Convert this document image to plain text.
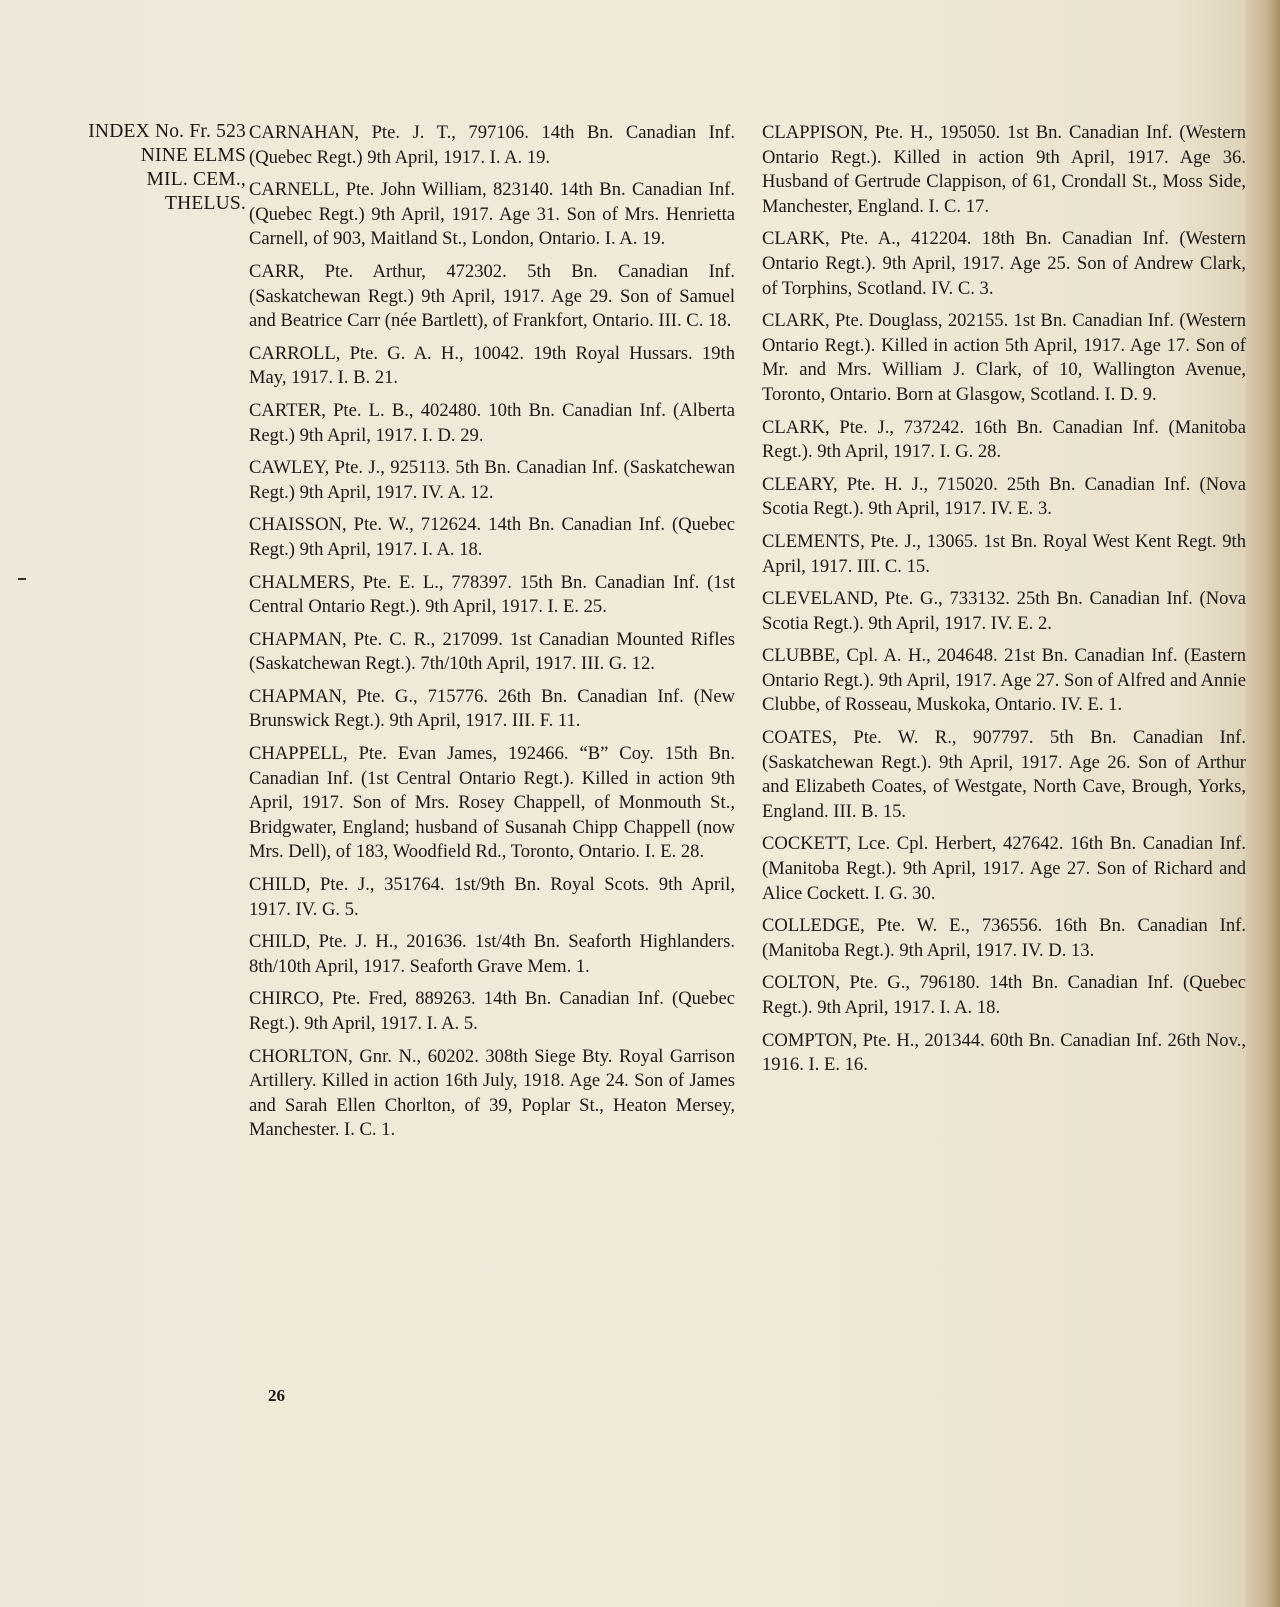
INDEX No. Fr. 523
NINE ELMS
MIL. CEM.,
THELUS.

CARNAHAN, Pte. J. T., 797106. 14th Bn. Canadian Inf. (Quebec Regt.) 9th April, 1917. I. A. 19.

CARNELL, Pte. John William, 823140. 14th Bn. Canadian Inf. (Quebec Regt.) 9th April, 1917. Age 31. Son of Mrs. Henrietta Carnell, of 903, Maitland St., London, Ontario. I. A. 19.

CARR, Pte. Arthur, 472302. 5th Bn. Canadian Inf. (Saskatchewan Regt.) 9th April, 1917. Age 29. Son of Samuel and Beatrice Carr (née Bartlett), of Frankfort, Ontario. III. C. 18.

CARROLL, Pte. G. A. H., 10042. 19th Royal Hussars. 19th May, 1917. I. B. 21.

CARTER, Pte. L. B., 402480. 10th Bn. Canadian Inf. (Alberta Regt.) 9th April, 1917. I. D. 29.

CAWLEY, Pte. J., 925113. 5th Bn. Canadian Inf. (Saskatchewan Regt.) 9th April, 1917. IV. A. 12.

CHAISSON, Pte. W., 712624. 14th Bn. Canadian Inf. (Quebec Regt.) 9th April, 1917. I. A. 18.

CHALMERS, Pte. E. L., 778397. 15th Bn. Canadian Inf. (1st Central Ontario Regt.). 9th April, 1917. I. E. 25.

CHAPMAN, Pte. C. R., 217099. 1st Canadian Mounted Rifles (Saskatchewan Regt.). 7th/10th April, 1917. III. G. 12.

CHAPMAN, Pte. G., 715776. 26th Bn. Canadian Inf. (New Brunswick Regt.). 9th April, 1917. III. F. 11.

CHAPPELL, Pte. Evan James, 192466. “B” Coy. 15th Bn. Canadian Inf. (1st Central Ontario Regt.). Killed in action 9th April, 1917. Son of Mrs. Rosey Chappell, of Monmouth St., Bridgwater, England; husband of Susanah Chipp Chappell (now Mrs. Dell), of 183, Woodfield Rd., Toronto, Ontario. I. E. 28.

CHILD, Pte. J., 351764. 1st/9th Bn. Royal Scots. 9th April, 1917. IV. G. 5.

CHILD, Pte. J. H., 201636. 1st/4th Bn. Seaforth Highlanders. 8th/10th April, 1917. Seaforth Grave Mem. 1.

CHIRCO, Pte. Fred, 889263. 14th Bn. Canadian Inf. (Quebec Regt.). 9th April, 1917. I. A. 5.

CHORLTON, Gnr. N., 60202. 308th Siege Bty. Royal Garrison Artillery. Killed in action 16th July, 1918. Age 24. Son of James and Sarah Ellen Chorlton, of 39, Poplar St., Heaton Mersey, Manchester. I. C. 1.

CLAPPISON, Pte. H., 195050. 1st Bn. Canadian Inf. (Western Ontario Regt.). Killed in action 9th April, 1917. Age 36. Husband of Gertrude Clappison, of 61, Crondall St., Moss Side, Manchester, England. I. C. 17.

CLARK, Pte. A., 412204. 18th Bn. Canadian Inf. (Western Ontario Regt.). 9th April, 1917. Age 25. Son of Andrew Clark, of Torphins, Scotland. IV. C. 3.

CLARK, Pte. Douglass, 202155. 1st Bn. Canadian Inf. (Western Ontario Regt.). Killed in action 5th April, 1917. Age 17. Son of Mr. and Mrs. William J. Clark, of 10, Wallington Avenue, Toronto, Ontario. Born at Glasgow, Scotland. I. D. 9.

CLARK, Pte. J., 737242. 16th Bn. Canadian Inf. (Manitoba Regt.). 9th April, 1917. I. G. 28.

CLEARY, Pte. H. J., 715020. 25th Bn. Canadian Inf. (Nova Scotia Regt.). 9th April, 1917. IV. E. 3.

CLEMENTS, Pte. J., 13065. 1st Bn. Royal West Kent Regt. 9th April, 1917. III. C. 15.

CLEVELAND, Pte. G., 733132. 25th Bn. Canadian Inf. (Nova Scotia Regt.). 9th April, 1917. IV. E. 2.

CLUBBE, Cpl. A. H., 204648. 21st Bn. Canadian Inf. (Eastern Ontario Regt.). 9th April, 1917. Age 27. Son of Alfred and Annie Clubbe, of Rosseau, Muskoka, Ontario. IV. E. 1.

COATES, Pte. W. R., 907797. 5th Bn. Canadian Inf. (Saskatchewan Regt.). 9th April, 1917. Age 26. Son of Arthur and Elizabeth Coates, of Westgate, North Cave, Brough, Yorks, England. III. B. 15.

COCKETT, Lce. Cpl. Herbert, 427642. 16th Bn. Canadian Inf. (Manitoba Regt.). 9th April, 1917. Age 27. Son of Richard and Alice Cockett. I. G. 30.

COLLEDGE, Pte. W. E., 736556. 16th Bn. Canadian Inf. (Manitoba Regt.). 9th April, 1917. IV. D. 13.

COLTON, Pte. G., 796180. 14th Bn. Canadian Inf. (Quebec Regt.). 9th April, 1917. I. A. 18.

COMPTON, Pte. H., 201344. 60th Bn. Canadian Inf. 26th Nov., 1916. I. E. 16.

26
